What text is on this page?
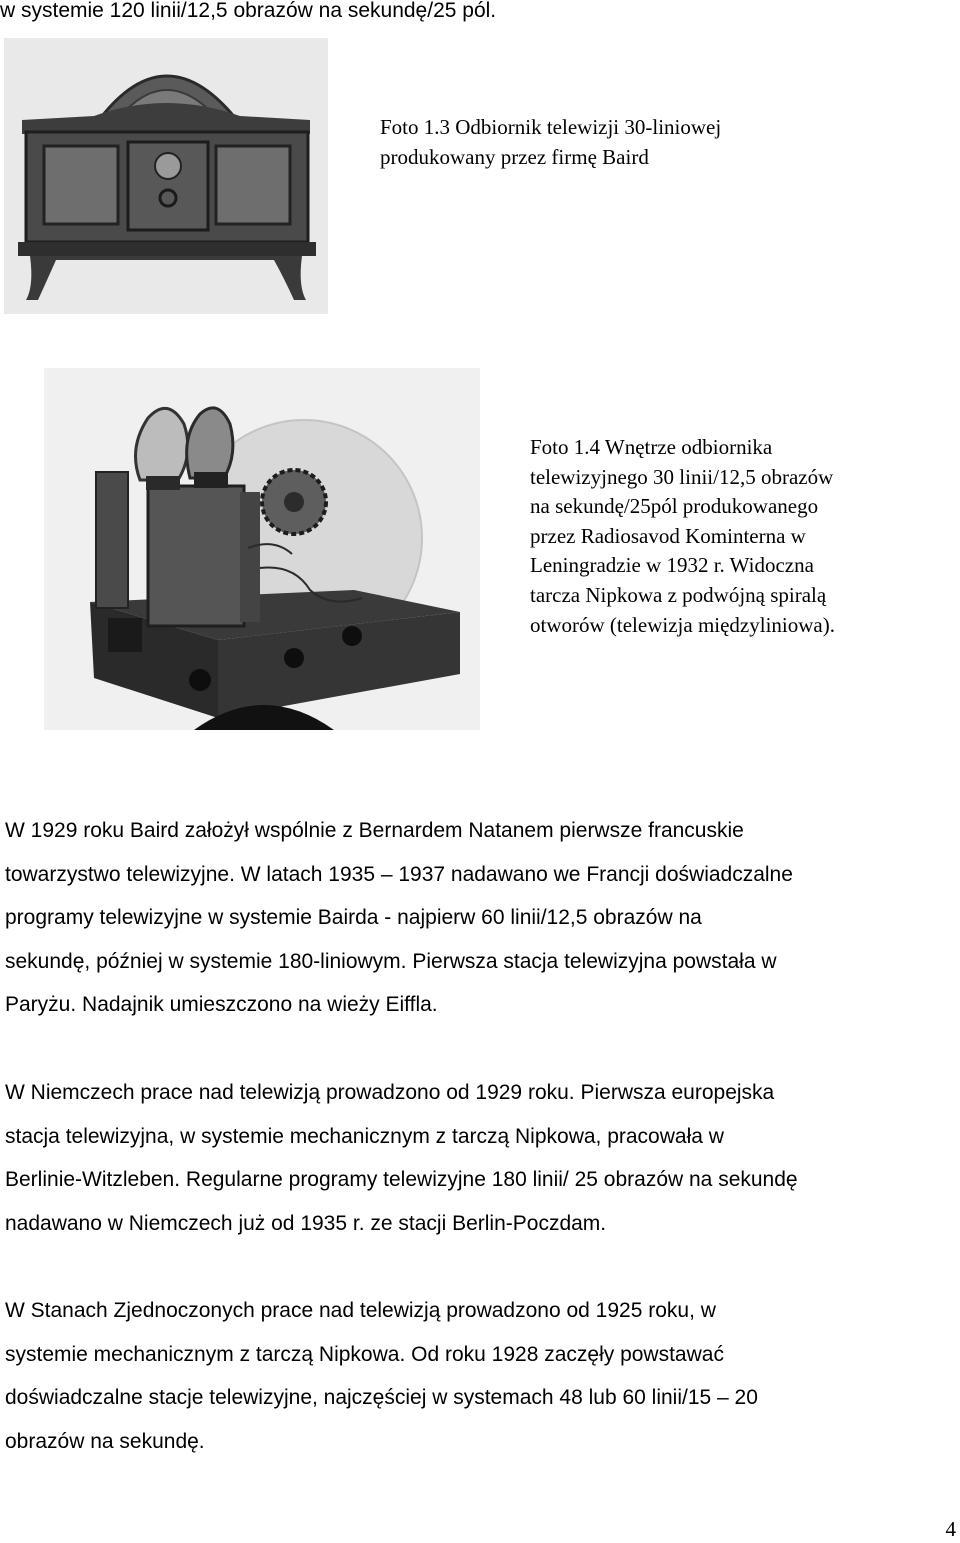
w systemie 120 linii/12,5 obrazów na sekundę/25 pól.
Foto 1.3 Odbiornik telewizji 30-liniowej
produkowany przez firmę Baird
Foto 1.4 Wnętrze odbiornika
telewizyjnego 30 linii/12,5 obrazów
na sekundę/25pól produkowanego
przez Radiosavod Kominterna w
Leningradzie w 1932 r. Widoczna
tarcza Nipkowa z podwójną spiralą
otworów (telewizja międzyliniowa).

W 1929 roku Baird założył wspólnie z Bernardem Natanem pierwsze francuskie

towarzystwo telewizyjne. W latach 1935 – 1937 nadawano we Francji doświadczalne

programy telewizyjne w systemie Bairda - najpierw 60 linii/12,5 obrazów na

sekundę, później w systemie 180-liniowym. Pierwsza stacja telewizyjna powstała w

Paryżu. Nadajnik umieszczono na wieży Eiffla.

W Niemczech prace nad telewizją prowadzono od 1929 roku. Pierwsza europejska

stacja telewizyjna, w systemie mechanicznym z tarczą Nipkowa, pracowała w

Berlinie-Witzleben. Regularne programy telewizyjne 180 linii/ 25 obrazów na sekundę

nadawano w Niemczech już od 1935 r. ze stacji Berlin-Poczdam.

W Stanach Zjednoczonych prace nad telewizją prowadzono od 1925 roku, w

systemie mechanicznym z tarczą Nipkowa. Od roku 1928 zaczęły powstawać

doświadczalne stacje telewizyjne, najczęściej w systemach 48 lub 60 linii/15 – 20

obrazów na sekundę.

4
